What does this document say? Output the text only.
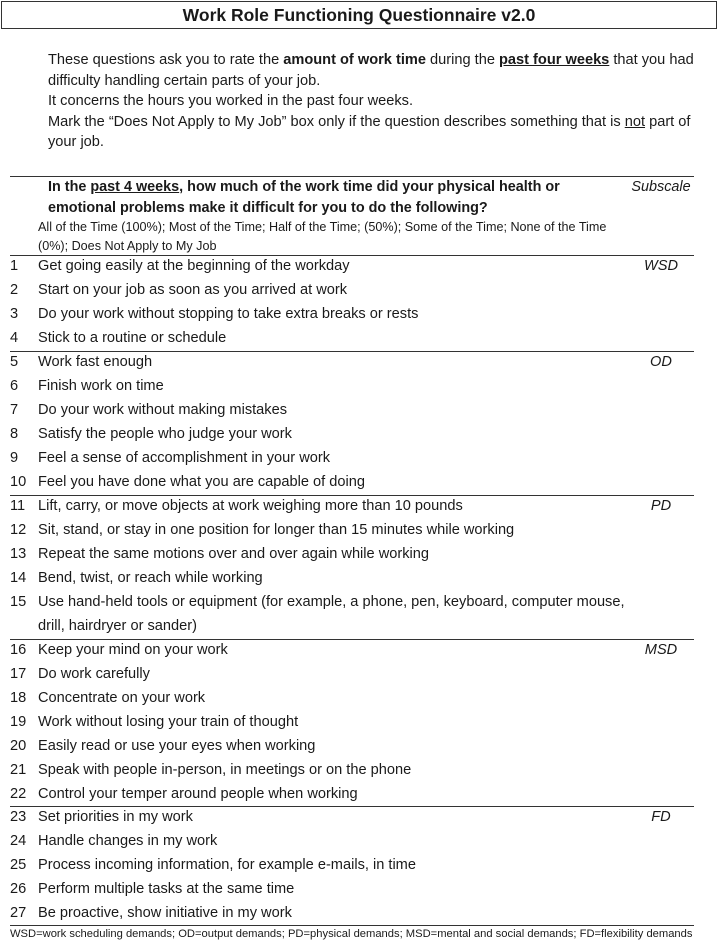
Work Role Functioning Questionnaire v2.0

These questions ask you to rate the amount of work time during the past four weeks that you had difficulty handling certain parts of your job.

It concerns the hours you worked in the past four weeks.

Mark the “Does Not Apply to My Job” box only if the question describes something that is not part of your job.

In the past 4 weeks, how much of the work time did your physical health or emotional problems make it difficult for you to do the following?
Subscale
All of the Time (100%); Most of the Time; Half of the Time; (50%); Some of the Time; None of the Time (0%); Does Not Apply to My Job
1 Get going easily at the beginning of the workday	WSD
2 Start on your job as soon as you arrived at work
3 Do your work without stopping to take extra breaks or rests
4 Stick to a routine or schedule
5 Work fast enough	OD
6 Finish work on time
7 Do your work without making mistakes
8 Satisfy the people who judge your work
9 Feel a sense of accomplishment in your work
10 Feel you have done what you are capable of doing
11 Lift, carry, or move objects at work weighing more than 10 pounds	PD
12 Sit, stand, or stay in one position for longer than 15 minutes while working
13 Repeat the same motions over and over again while working
14 Bend, twist, or reach while working
15 Use hand-held tools or equipment (for example, a phone, pen, keyboard, computer mouse, drill, hairdryer or sander)
16 Keep your mind on your work	MSD
17 Do work carefully
18 Concentrate on your work
19 Work without losing your train of thought
20 Easily read or use your eyes when working
21 Speak with people in-person, in meetings or on the phone
22 Control your temper around people when working
23 Set priorities in my work	FD
24 Handle changes in my work
25 Process incoming information, for example e-mails, in time
26 Perform multiple tasks at the same time
27 Be proactive, show initiative in my work
WSD=work scheduling demands; OD=output demands; PD=physical demands; MSD=mental and social demands; FD=flexibility demands
